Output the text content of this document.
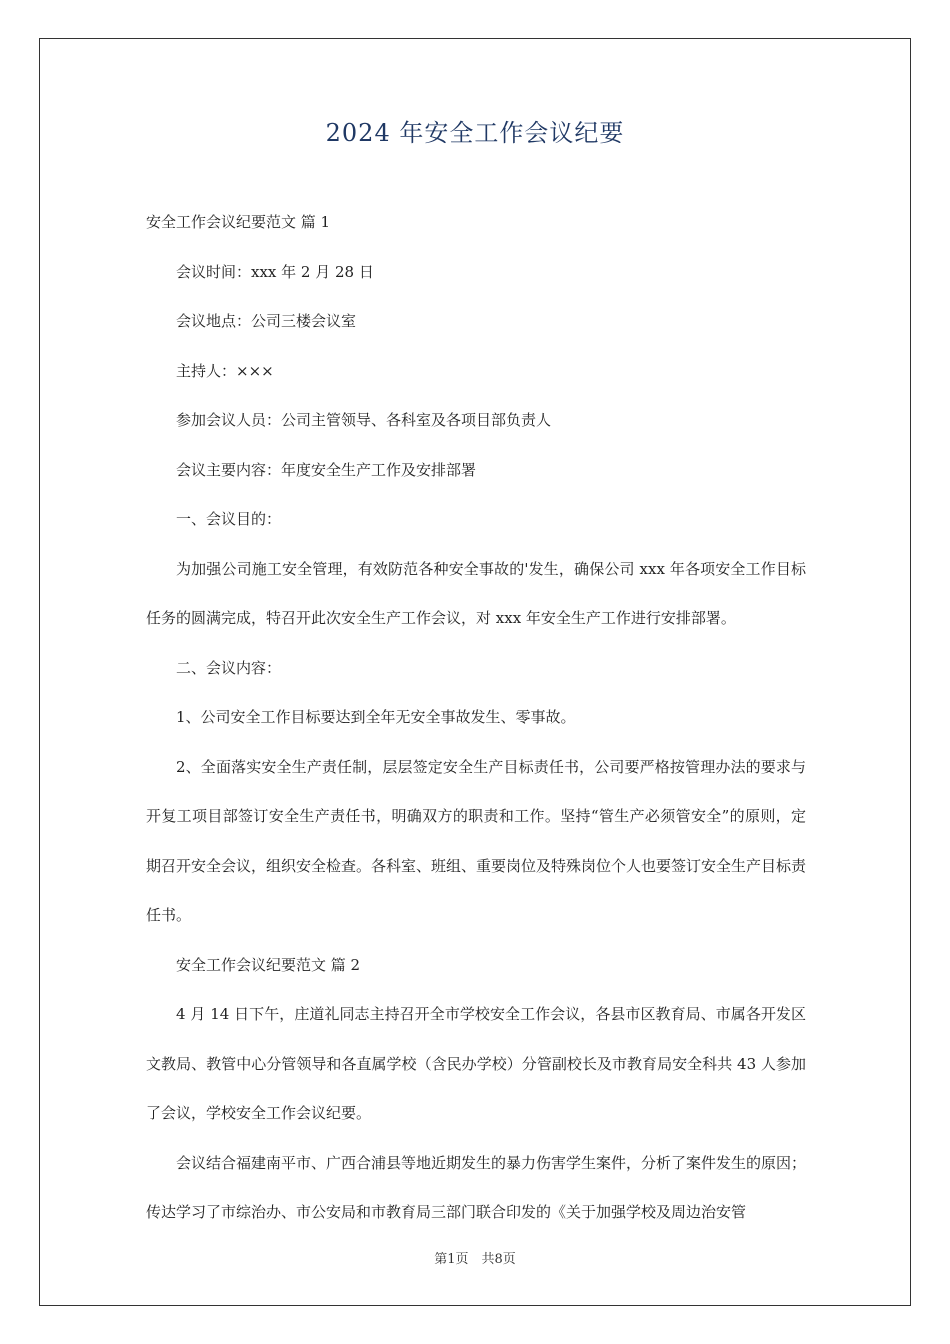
2024 年安全工作会议纪要

安全工作会议纪要范文 篇 1

会议时间：xxx 年 2 月 28 日

会议地点：公司三楼会议室

主持人：×××

参加会议人员：公司主管领导、各科室及各项目部负责人

会议主要内容：年度安全生产工作及安排部署

一、会议目的：

为加强公司施工安全管理，有效防范各种安全事故的'发生，确保公司 xxx 年各项安全工作目标任务的圆满完成，特召开此次安全生产工作会议，对 xxx 年安全生产工作进行安排部署。

二、会议内容：

1、公司安全工作目标要达到全年无安全事故发生、零事故。

2、全面落实安全生产责任制，层层签定安全生产目标责任书，公司要严格按管理办法的要求与开复工项目部签订安全生产责任书，明确双方的职责和工作。坚持“管生产必须管安全”的原则，定期召开安全会议，组织安全检查。各科室、班组、重要岗位及特殊岗位个人也要签订安全生产目标责任书。

安全工作会议纪要范文 篇 2

4 月 14 日下午，庄道礼同志主持召开全市学校安全工作会议，各县市区教育局、市属各开发区文教局、教管中心分管领导和各直属学校（含民办学校）分管副校长及市教育局安全科共 43 人参加了会议，学校安全工作会议纪要。

会议结合福建南平市、广西合浦县等地近期发生的暴力伤害学生案件，分析了案件发生的原因；传达学习了市综治办、市公安局和市教育局三部门联合印发的《关于加强学校及周边治安管

第1页　共8页
